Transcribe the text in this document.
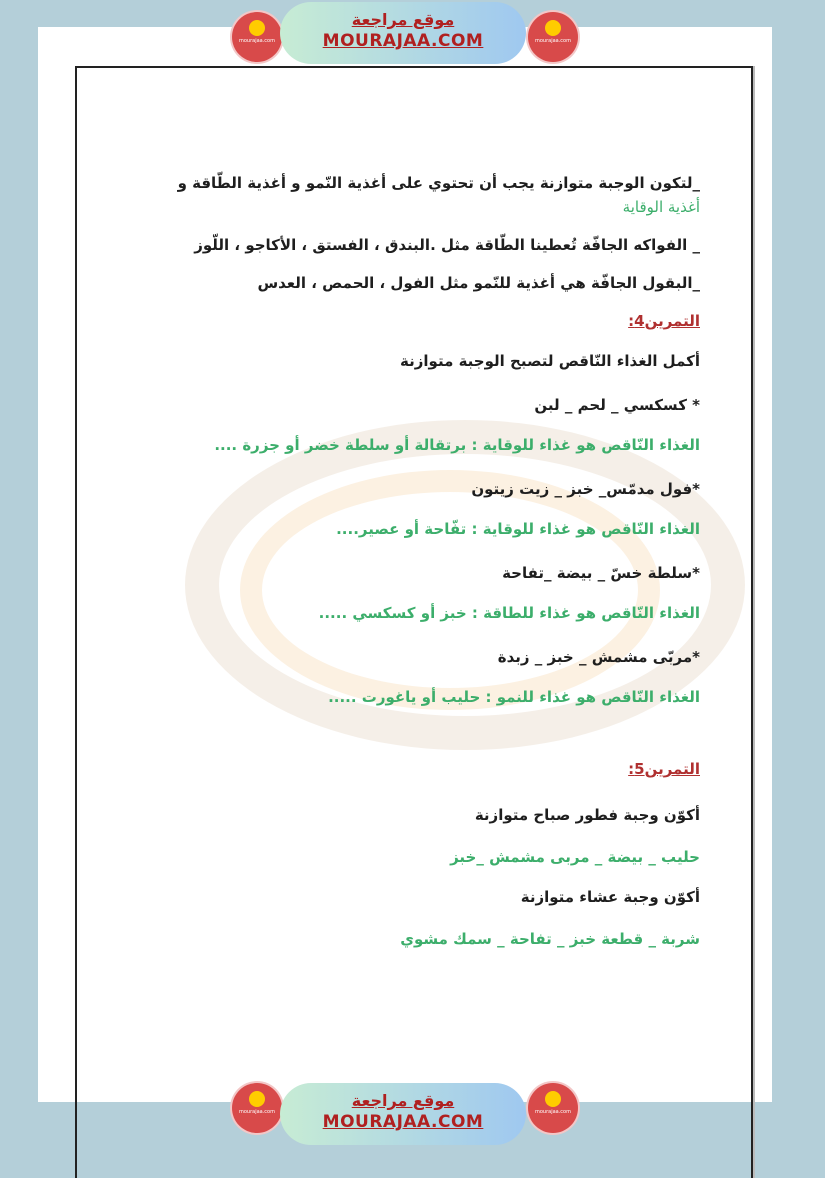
mourajaa.com
موقع مراجعة
MOURAJAA.COM	mourajaa.com
mourajaa.com
موقع مراجعة
MOURAJAA.COM	mourajaa.com
_لتكون الوجبة متوازنة يجب أن تحتوي على أغذية النّمو و أغذية الطّاقة و
أغذية الوقاية
_ الفواكه الجافّة تُعطينا الطّاقة مثل .البندق ، الفستق ، الأكاجو ، اللّوز
_البقول الجافّة هي أغذية للنّمو مثل الفول ، الحمص ، العدس
التمرين4:
أكمل الغذاء النّاقص لتصبح الوجبة متوازنة
* كسكسي _ لحم _ لبن
الغذاء النّاقص هو غذاء للوقاية : برتقالة أو سلطة خضر أو جزرة ....
*فول مدمّس_ خبز _ زيت زيتون
الغذاء النّاقص هو غذاء للوقاية : تفّاحة أو عصير....
*سلطة خسّ _ بيضة _تفاحة
الغذاء النّاقص هو غذاء للطاقة : خبز أو كسكسي .....
*مربّى مشمش _ خبز _ زبدة
الغذاء النّاقص هو غذاء للنمو : حليب أو ياغورت .....
التمرين5:
أكوّن وجبة فطور صباح متوازنة
حليب _ بيضة _ مربى مشمش _خبز
أكوّن وجبة عشاء متوازنة
شربة _ قطعة خبز _ تفاحة _ سمك مشوي
